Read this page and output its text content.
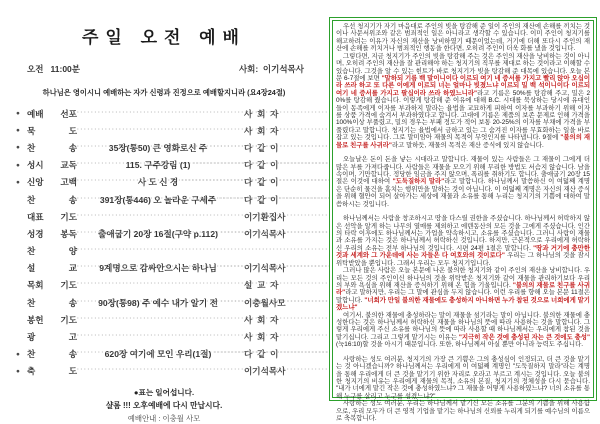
주일 오전 예배
오전   11:00분	사회:  이기석목사
하나님은 영이시니 예배하는 자가 신령과 진정으로 예배할지니라 (요4장24절)
● 예배 선포 ·····	사  회  자
● 묵 도 ·····	사  회  자
● 찬 송 ·····	35장(통50) 큰 영화로신 주 ·····	다  같  이
● 성시 교독 ·····	115. 구주강림 (1) ·····	다  같  이
● 신앙 고백 ·····	사 도 신 경 ·····	다  같  이
찬 송 ·····	391장(통446) 오 놀라운 구세주 ·····	다  같  이
대표 기도 ·····	이기환집사
성경 봉독 ·····	출애굽기 20장 16절(구약 p.112) ·····	이기석목사
찬 양
·····
설 교 ·····	9계명으로 감싸안으시는 하나님 ·····	이기석목사
목회 기도 ·····	설  교  자
찬 송 ·····	90장(통98) 주 예수 내가 알기 전 ·····	이충월사모
봉헌 기도 ·····	사  회  자
광 고 ·····	사  회  자
● 찬 송 ·····	620장 여기에 모인 우리(1절) ·····	다  같  이
● 축 도 ·····	이기석목사
●표는 일어섭니다.
샬롬 !!! 오후예배에 다시 만납시다.
예배안내 : 이충월 사모

우선 청지기가 자기 마음대로 주인의 빚을 탕감해 준 일이 주인의 재산에 손해를 끼치는 것이나 사문서위조와 같은 범죄적인 일은 아니라고 생각할 수 있습니다. 이미 주인이 청지기를 해고하려는 이유가 자신의 재산을 낭비하였기 때문이었는데, 거기에 더해 또다시 주인의 재산에 손해를 끼치거나 범죄적인 행동을 한다면, 오히려 주인이 더욱 화를 냈을 것입니다.

그렇다면, 지금 청지기가 주인의 빚을 탕감해 주는 것은 주인의 재산을 낭비하는 것이 아니며, 오히려 주인의 재산을 잘 관리해야 하는 청지기의 직무를 제대로 하는 것이라고 이해할 수 있습니다. 그것을 알 수 있는 힌트가 바로 청지기가 빚을 탕감해 준 대목에 있습니다. 오늘 본문 6-7절에 보면 "말하되 기름 백 말이니이다 이르되 여기 네 증서를 가지고 빨리 앉아 오십이라 쓰라 하고 또 다른 이에게 이르되 너는 얼마나 빚졌느냐 이르되 밀 백 석이니이다 이르되 여기 네 증서를 가지고 팔십이라 쓰라 하였느니라"라고 기름은 50%를 탕감해 주고, 밀은 20%를 탕감해 줬습니다. 이렇게 탕감해 준 이유에 대해 B.C. 시대를 묵상하는 당시에 유대인들이 동족에게 이자를 부과하지 말라는 율법을 교묘하게 피하여 이자를 부과하기 위해 이자를 상품 가격에 숨겨서 부과하였다고 합니다. 고대에 기름은 제품의 보존 문제로 인해 가격을 100%이상 부풀렸고, 밀의 경우는 부패 정도가 적어 보통 20-25%의 이자를 부채에 가격을 부풀렸다고 말합니다. 청지기는 율법에서 금하고 있는 그 숨겨진 이자를 무효화하는 일을 바로잡고 있는 것입니다. 그로 말미암아 재물의 목적이 무엇인지를 나타냅니다. 9절에 "불의의 재물로 친구를 사귀라"라고 말하듯, 재물의 목적은 재산 증식에 있지 않습니다.

오늘날은 돈이 돈을 낳는 시대라고 말합니다. 재물이 있는 사람들은 그 재물이 그에게 더 많은 부를 가져다줍니다. 사람들은 재물을 모으기 위해 무리한 방법도 서슴지 않습니다. 남을 속이며, 기만합니다. 정당한 임금을 주지 않으며, 폭리를 취하기도 합니다. 출애굽기 20장 15절은 이것에 대하여 "도둑질하지 말라"라고 말합니다. 하나님께서 말씀하신 이 여덟째 계명은 단순히 물건을 훔치는 행위만을 말하는 것이 아닙니다. 이 여덟째 계명은 자신의 재산 증식을 위해 혈안이 되어 살아가는 세상에 재물과 소유를 통해 누리는 청지기의 기쁨에 대하여 말씀하시는 것입니다.

하나님께서는 사람을 창조하시고 땅을 다스릴 권한을 주셨습니다. 하나님께서 허락하지 않은 선악을 알게 하는 나무의 열매를 제외하고 에덴동산의 모든 것을 그에게 주셨습니다. 인간의 타락 이후에도 하나님께서는 가업을 약속하시고, 소유를 주셨습니다. 그러니 사람이 재물과 소유를 가지는 것은 하나님께서 허락하신 것입니다. 하지만, 근본적으로 우리에게 허락하신 우리의 소유는 전부 하나님의 것입니다. 시편 24편 1절은 말합니다. "땅과 거기에 충만한 것과 세계와 그 가운데에 사는 자들은 다 여호와의 것이로다" 우리는 그 하나님의 것을 잠시 위탁받았을 뿐입니다. 그래서 우리는 모두 청지기입니다.

그러나 많은 사람은 오늘 본문에 나온 불의한 청지기와 같이 주인의 재산을 낭비합니다. 우리는 모든 것의 주인이신 하나님의 것을 위탁받은 청지기와 같이 재물을 관리하기보다 우리의 부와 욕심을 위해 재산을 증식하기 위해 온 힘을 기울입니다. "불의의 재물로 친구를 사귀라"라고 말하지만, 우리는 그 말에 관심을 두지 않습니다. 이런 우리를 향해 오늘 본문 11절은 말합니다. "너희가 만일 불의한 재물에도 충성하지 아니하면 누가 참된 것으로 너희에게 맡기겠느냐"

여기서, 불의한 재물에 충성하라는 말이 재물을 섬기라는 말이 아닙니다. 불의한 재물에 충성한다는 것은 하나님께서 허락하신 재물을 하나님의 뜻에 따라 사용하는 것을 말합니다. 그렇게 우리에게 주신 소유를 하나님의 뜻에 따라 사용할 때 하나님께서는 우리에게 참된 것을 맡기십니다. 그리고 그렇게 맡기시는 이유는 "지극히 작은 것에 충성된 자는 큰 것에도 충성"(눅16:10)할 것을 아시기 때문입니다. 또한, 하나님께서 아실 뿐만 아니라 능력도 주십니다.

사랑하는 성도 여러분, 청지기의 가장 큰 기쁨은 그의 충성심이 인정되고, 더 큰 것을 맡기는 것 아니겠습니까? 하나님께서는 우리에게 이 여덟째 계명인 "도둑질하지 말라"라는 계명을 통해 우리에게 더 큰 것을 맡기기 위한 자리로 오라고 부르고 계시는 것입니다. 오늘 불의한 청지기의 비유는 우리에게 재물의 목적, 소유의 본질, 청지기의 정체성을 다시 묻습니다. "내가 너에게 맡긴 작은 것에 충성하였느냐? 그 재물을 어떻게 사용하였느냐? 너의 소유를 통해 누구를 살리고 누구를 섬겼느냐?"

사랑하는 성도 여러분, 우리는 하나님께서 맡기신 모든 소유를 그분의 기쁨을 위해 사용함으로, 우리 모두가 더 큰 영적 기업을 맡기는 하나님의 신뢰를 누리게 되기를 예수님의 이름으로 축복합니다.
